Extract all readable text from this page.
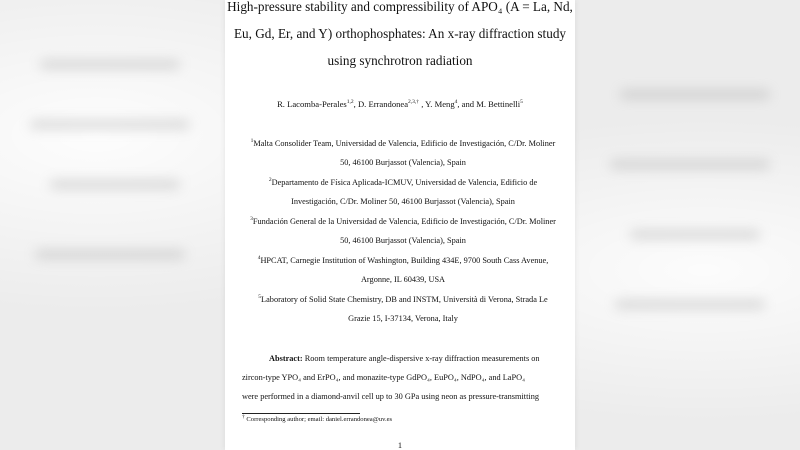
High-pressure stability and compressibility of APO₄ (A = La, Nd,
Eu, Gd, Er, and Y) orthophosphates: An x-ray diffraction study
using synchrotron radiation
R. Lacomba-Perales$^{1,2}$, D. Errandonea$^{2,3,\dagger}$ , Y. Meng$^4$, and M. Bettinelli$^5$
$^1$Malta Consolider Team, Universidad de Valencia, Edificio de Investigación, C/Dr. Moliner
50, 46100 Burjassot (Valencia), Spain
$^2$Departamento de Física Aplicada-ICMUV, Universidad de Valencia, Edificio de
Investigación, C/Dr. Moliner 50, 46100 Burjassot (Valencia), Spain
$^3$Fundación General de la Universidad de Valencia, Edificio de Investigación, C/Dr. Moliner
50, 46100 Burjassot (Valencia), Spain
$^4$HPCAT, Carnegie Institution of Washington, Building 434E, 9700 South Cass Avenue,
Argonne, IL 60439, USA
$^5$Laboratory of Solid State Chemistry, DB and INSTM, Università di Verona, Strada Le
Grazie 15, I-37134, Verona, Italy
Abstract: Room temperature angle-dispersive x-ray diffraction measurements on
zircon-type YPO₄ and ErPO₄, and monazite-type GdPO₄, EuPO₄, NdPO₄, and LaPO₄
were performed in a diamond-anvil cell up to 30 GPa using neon as pressure-transmitting
† Corresponding author; email: daniel.errandonea@uv.es
1
